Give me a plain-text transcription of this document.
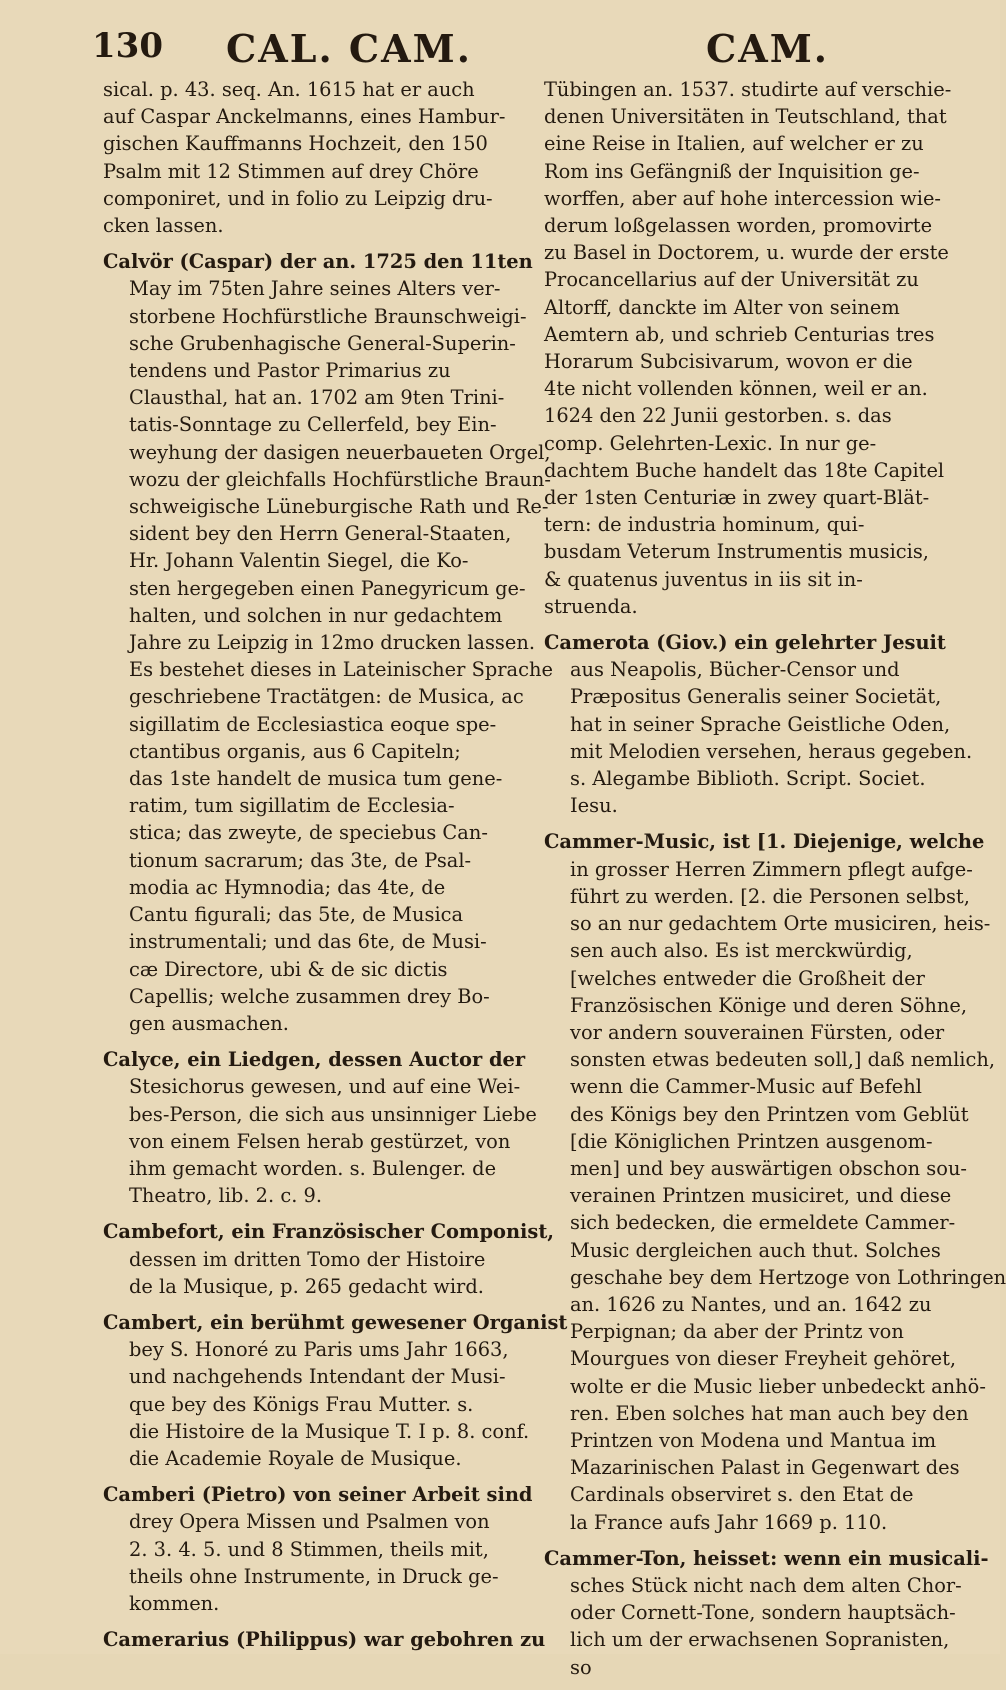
130 CAL. CAM.	CAM.
sical. p. 43. seq. An. 1615 hat er auch
auf Caspar Anckelmanns, eines Hambur-
gischen Kauffmanns Hochzeit, den 150
Psalm mit 12 Stimmen auf drey Chöre
componiret, und in folio zu Leipzig dru-
cken lassen.
Calvör (Caspar) der an. 1725 den 11ten
May im 75ten Jahre seines Alters ver-
storbene Hochfürstliche Braunschweigi-
sche Grubenhagische General-Superin-
tendens und Pastor Primarius zu
Clausthal, hat an. 1702 am 9ten Trini-
tatis-Sonntage zu Cellerfeld, bey Ein-
weyhung der dasigen neuerbaueten Orgel,
wozu der gleichfalls Hochfürstliche Braun-
schweigische Lüneburgische Rath und Re-
sident bey den Herrn General-Staaten,
Hr. Johann Valentin Siegel, die Ko-
sten hergegeben einen Panegyricum ge-
halten, und solchen in nur gedachtem
Jahre zu Leipzig in 12mo drucken lassen.
Es bestehet dieses in Lateinischer Sprache
geschriebene Tractätgen: de Musica, ac
sigillatim de Ecclesiastica eoque spe-
ctantibus organis, aus 6 Capiteln;
das 1ste handelt de musica tum gene-
ratim, tum sigillatim de Ecclesia-
stica; das zweyte, de speciebus Can-
tionum sacrarum; das 3te, de Psal-
modia ac Hymnodia; das 4te, de
Cantu figurali; das 5te, de Musica
instrumentali; und das 6te, de Musi-
cæ Directore, ubi & de sic dictis
Capellis; welche zusammen drey Bo-
gen ausmachen.
Calyce, ein Liedgen, dessen Auctor der
Stesichorus gewesen, und auf eine Wei-
bes-Person, die sich aus unsinniger Liebe
von einem Felsen herab gestürzet, von
ihm gemacht worden. s. Bulenger. de
Theatro, lib. 2. c. 9.
Cambefort, ein Französischer Componist,
dessen im dritten Tomo der Histoire
de la Musique, p. 265 gedacht wird.
Cambert, ein berühmt gewesener Organist
bey S. Honoré zu Paris ums Jahr 1663,
und nachgehends Intendant der Musi-
que bey des Königs Frau Mutter. s.
die Histoire de la Musique T. I p. 8. conf.
die Academie Royale de Musique.
Camberi (Pietro) von seiner Arbeit sind
drey Opera Missen und Psalmen von
2. 3. 4. 5. und 8 Stimmen, theils mit,
theils ohne Instrumente, in Druck ge-
kommen.
Camerarius (Philippus) war gebohren zu
Tübingen an. 1537. studirte auf verschie-
denen Universitäten in Teutschland, that
eine Reise in Italien, auf welcher er zu
Rom ins Gefängniß der Inquisition ge-
worffen, aber auf hohe intercession wie-
derum loßgelassen worden, promovirte
zu Basel in Doctorem, u. wurde der erste
Procancellarius auf der Universität zu
Altorff, danckte im Alter von seinem
Aemtern ab, und schrieb Centurias tres
Horarum Subcisivarum, wovon er die
4te nicht vollenden können, weil er an.
1624 den 22 Junii gestorben. s. das
comp. Gelehrten-Lexic. In nur ge-
dachtem Buche handelt das 18te Capitel
der 1sten Centuriæ in zwey quart-Blät-
tern: de industria hominum, qui-
busdam Veterum Instrumentis musicis,
& quatenus juventus in iis sit in-
struenda.
Camerota (Giov.) ein gelehrter Jesuit
aus Neapolis, Bücher-Censor und
Præpositus Generalis seiner Societät,
hat in seiner Sprache Geistliche Oden,
mit Melodien versehen, heraus gegeben.
s. Alegambe Biblioth. Script. Societ.
Iesu.
Cammer-Music, ist [1. Diejenige, welche
in grosser Herren Zimmern pflegt aufge-
führt zu werden. [2. die Personen selbst,
so an nur gedachtem Orte musiciren, heis-
sen auch also. Es ist merckwürdig,
[welches entweder die Großheit der
Französischen Könige und deren Söhne,
vor andern souverainen Fürsten, oder
sonsten etwas bedeuten soll,] daß nemlich,
wenn die Cammer-Music auf Befehl
des Königs bey den Printzen vom Geblüt
[die Königlichen Printzen ausgenom-
men] und bey auswärtigen obschon sou-
verainen Printzen musiciret, und diese
sich bedecken, die ermeldete Cammer-
Music dergleichen auch thut. Solches
geschahe bey dem Hertzoge von Lothringen
an. 1626 zu Nantes, und an. 1642 zu
Perpignan; da aber der Printz von
Mourgues von dieser Freyheit gehöret,
wolte er die Music lieber unbedeckt anhö-
ren. Eben solches hat man auch bey den
Printzen von Modena und Mantua im
Mazarinischen Palast in Gegenwart des
Cardinals observiret s. den Etat de
la France aufs Jahr 1669 p. 110.
Cammer-Ton, heisset: wenn ein musicali-
sches Stück nicht nach dem alten Chor-
oder Cornett-Tone, sondern hauptsäch-
lich um der erwachsenen Sopranisten,
so
